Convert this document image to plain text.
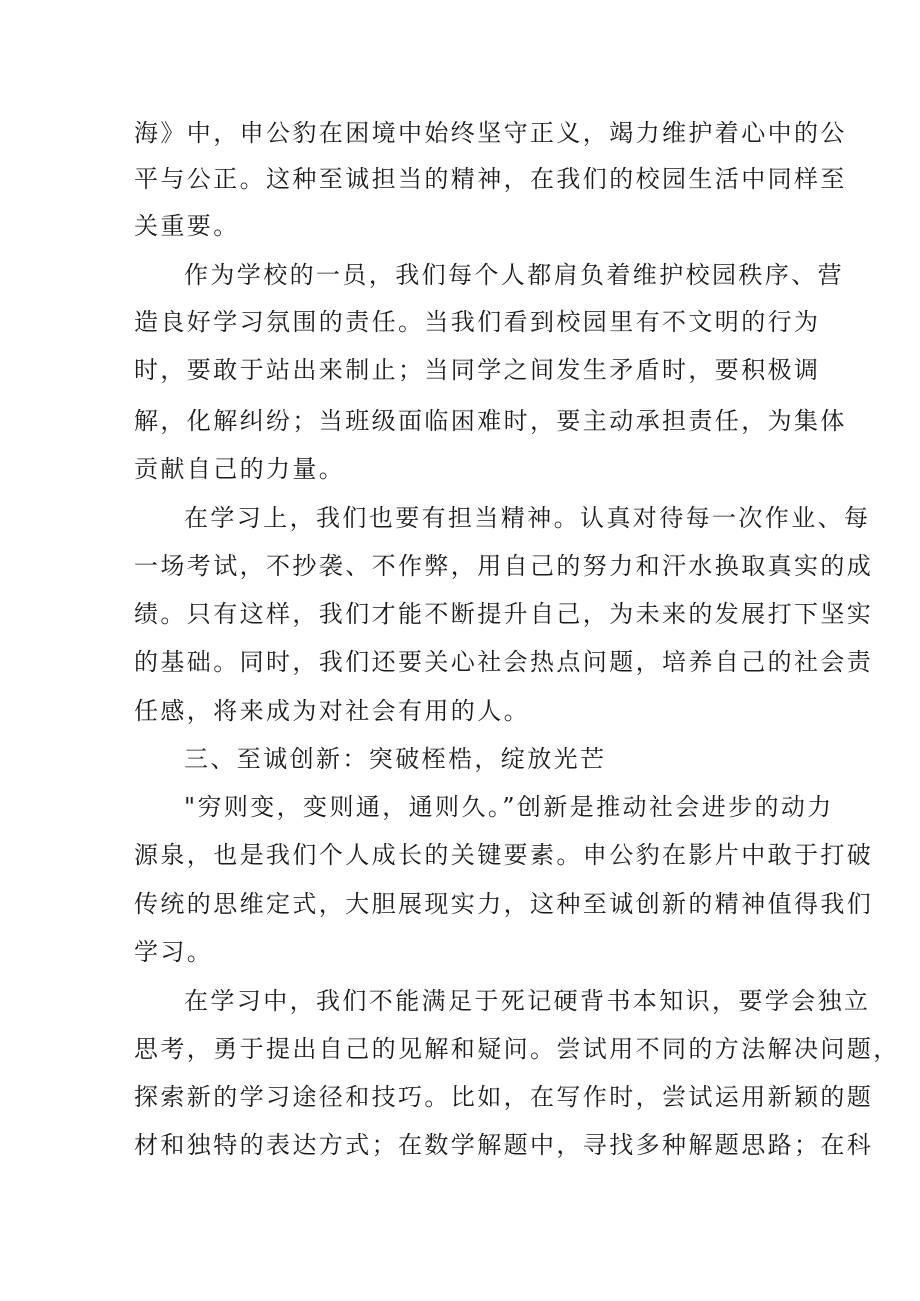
海》中，申公豹在困境中始终坚守正义，竭力维护着心中的公
平与公正。这种至诚担当的精神，在我们的校园生活中同样至
关重要。
作为学校的一员，我们每个人都肩负着维护校园秩序、营
造良好学习氛围的责任。当我们看到校园里有不文明的行为
时，要敢于站出来制止；当同学之间发生矛盾时，要积极调
解，化解纠纷；当班级面临困难时，要主动承担责任，为集体
贡献自己的力量。
在学习上，我们也要有担当精神。认真对待每一次作业、每
一场考试，不抄袭、不作弊，用自己的努力和汗水换取真实的成
绩。只有这样，我们才能不断提升自己，为未来的发展打下坚实
的基础。同时，我们还要关心社会热点问题，培养自己的社会责
任感，将来成为对社会有用的人。
三、至诚创新：突破桎梏，绽放光芒
"穷则变，变则通，通则久。”创新是推动社会进步的动力
源泉，也是我们个人成长的关键要素。申公豹在影片中敢于打破
传统的思维定式，大胆展现实力，这种至诚创新的精神值得我们
学习。
在学习中，我们不能满足于死记硬背书本知识，要学会独立
思考，勇于提出自己的见解和疑问。尝试用不同的方法解决问题，
探索新的学习途径和技巧。比如，在写作时，尝试运用新颖的题
材和独特的表达方式；在数学解题中，寻找多种解题思路；在科
